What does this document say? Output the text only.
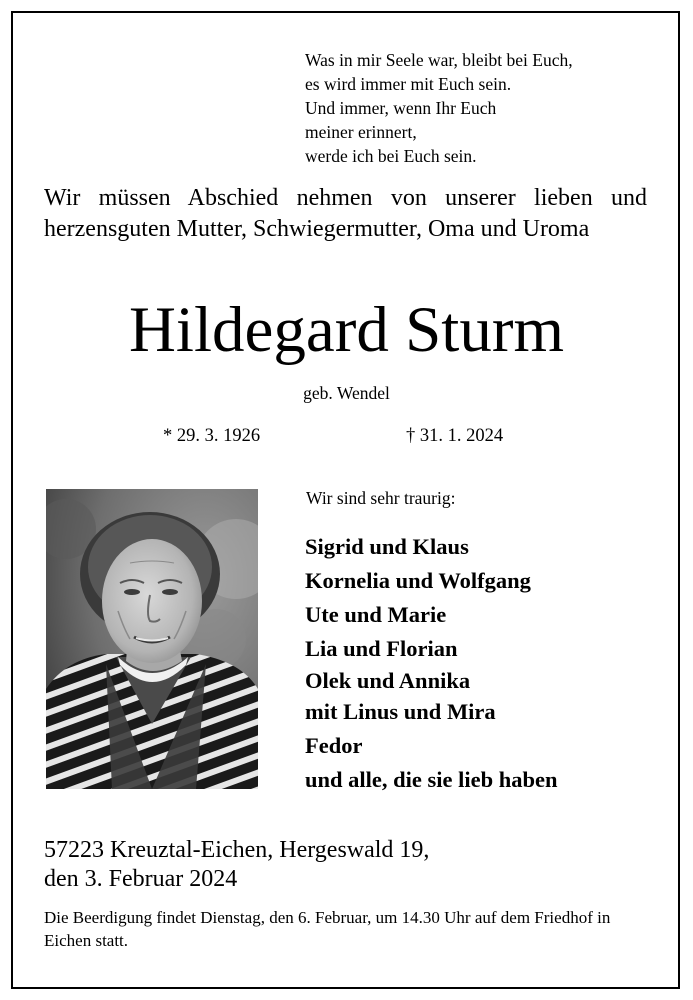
Was in mir Seele war, bleibt bei Euch,
es wird immer mit Euch sein.
Und immer, wenn Ihr Euch
meiner erinnert,
werde ich bei Euch sein.
Wir müssen Abschied nehmen von unserer lieben und herzensguten Mutter, Schwiegermutter, Oma und Uroma
Hildegard Sturm
geb. Wendel
* 29. 3. 1926	† 31. 1. 2024
Wir sind sehr traurig:
Sigrid und Klaus
Kornelia und Wolfgang
Ute und Marie
Lia und Florian
Olek und Annika
mit Linus und Mira
Fedor
und alle, die sie lieb haben
57223 Kreuztal-Eichen, Hergeswald 19,
den 3. Februar 2024
Die Beerdigung findet Dienstag, den 6. Februar, um 14.30 Uhr auf dem Friedhof in Eichen statt.
